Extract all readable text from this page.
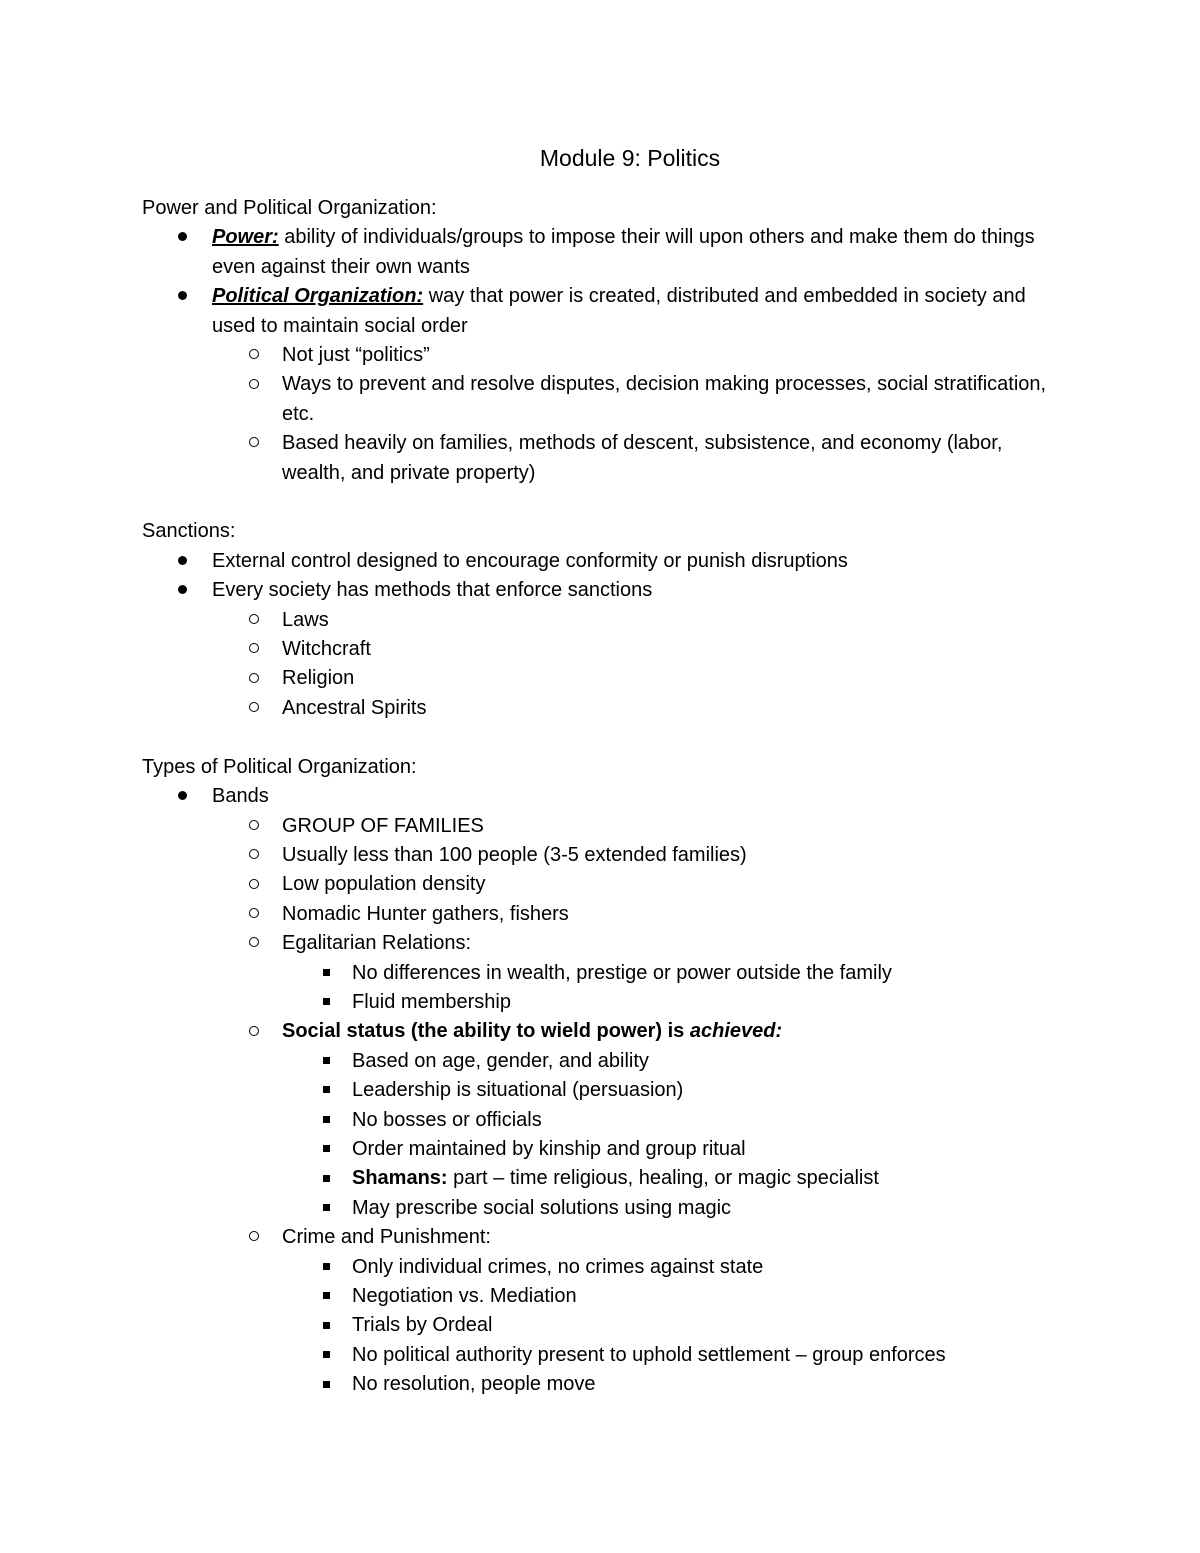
Module 9: Politics
Power and Political Organization:
Power: ability of individuals/groups to impose their will upon others and make them do things even against their own wants
Political Organization: way that power is created, distributed and embedded in society and used to maintain social order
Not just “politics”
Ways to prevent and resolve disputes, decision making processes, social stratification, etc.
Based heavily on families, methods of descent, subsistence, and economy (labor, wealth, and private property)
Sanctions:
External control designed to encourage conformity or punish disruptions
Every society has methods that enforce sanctions
Laws
Witchcraft
Religion
Ancestral Spirits
Types of Political Organization:
Bands
GROUP OF FAMILIES
Usually less than 100 people (3-5 extended families)
Low population density
Nomadic Hunter gathers, fishers
Egalitarian Relations:
No differences in wealth, prestige or power outside the family
Fluid membership
Social status (the ability to wield power) is achieved:
Based on age, gender, and ability
Leadership is situational (persuasion)
No bosses or officials
Order maintained by kinship and group ritual
Shamans: part – time religious, healing, or magic specialist
May prescribe social solutions using magic
Crime and Punishment:
Only individual crimes, no crimes against state
Negotiation vs. Mediation
Trials by Ordeal
No political authority present to uphold settlement – group enforces
No resolution, people move
